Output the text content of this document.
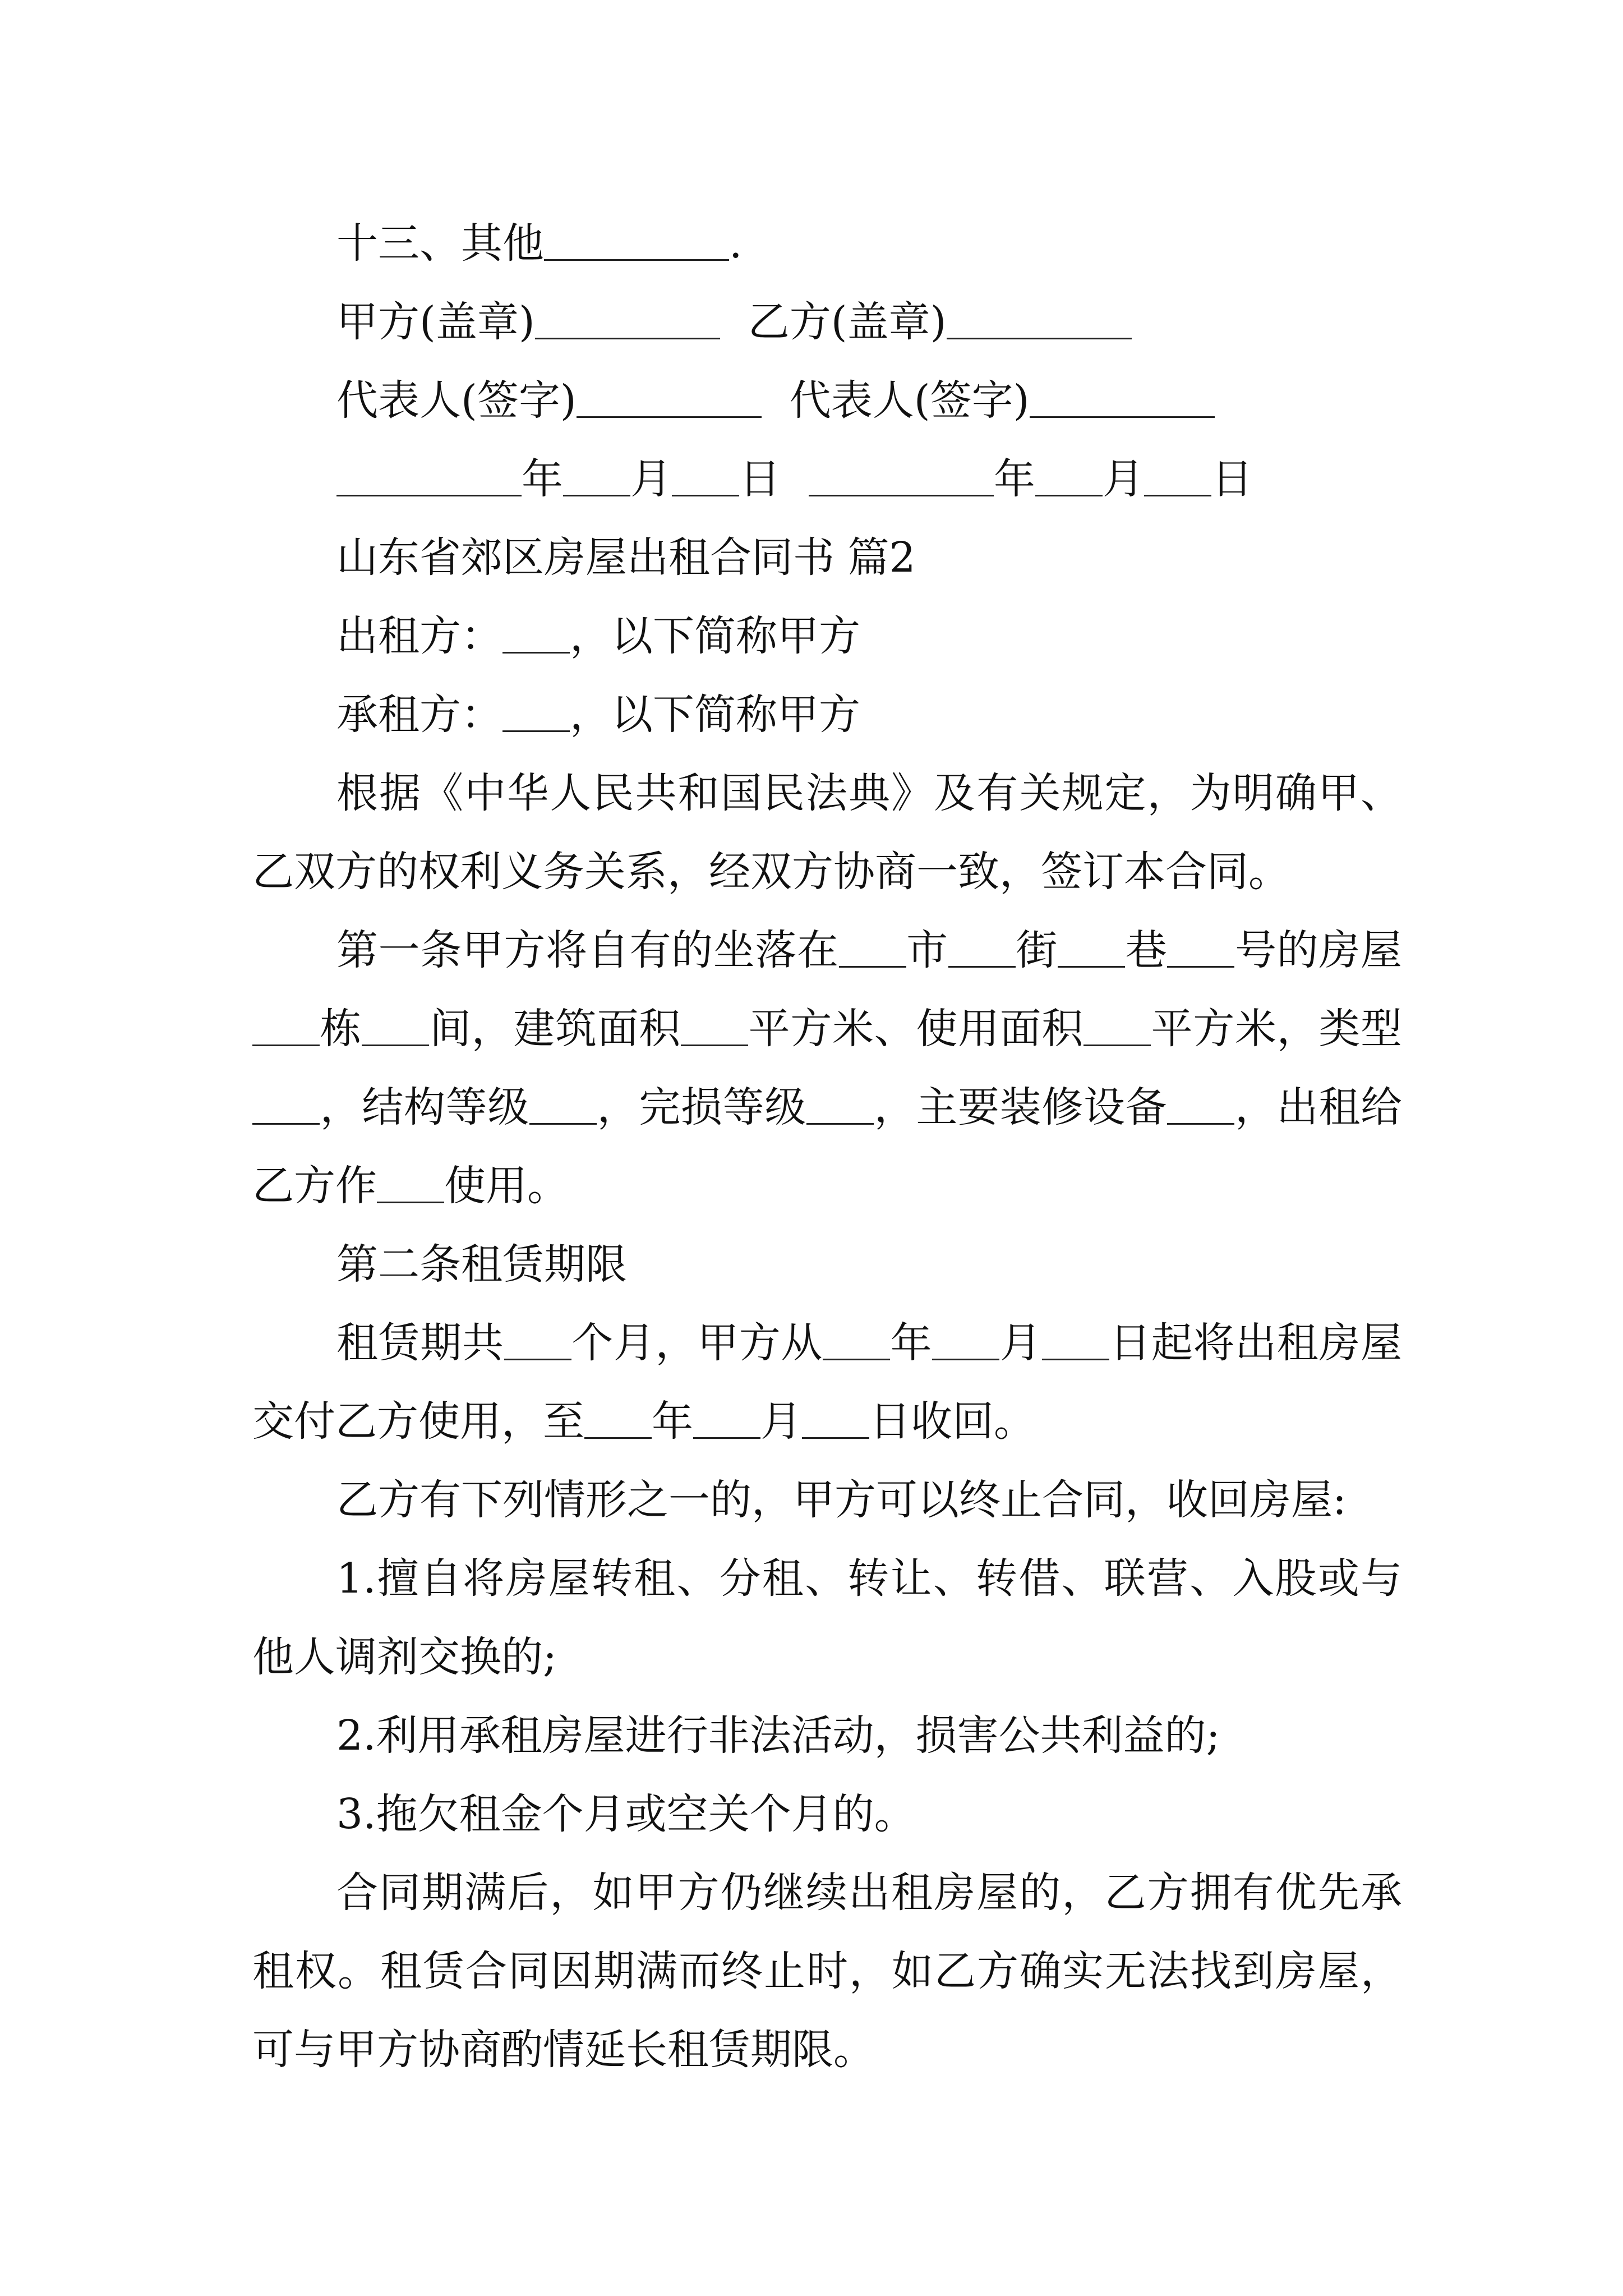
十三、其他	.
甲方(盖章)	乙方(盖章)
代表人(签字)	代表人(签字)
年 月 日	年 月 日
山东省郊区房屋出租合同书 篇2
出租方： ，以下简称甲方
承租方： ，以下简称甲方

根据《中华人民共和国民法典》及有关规定，为明确甲、乙双方的权利义务关系，经双方协商一致，签订本合同。

第一条甲方将自有的坐落在 市 街 巷 号的房屋栋 间，建筑面积 平方米、使用面积 平方米，类型，结构等级 ，完损等级 ，主要装修设备 ，出租给乙方作 使用。

第二条租赁期限

租赁期共 个月，甲方从 年 月 日起将出租房屋交付乙方使用，至 年 月 日收回。

乙方有下列情形之一的，甲方可以终止合同，收回房屋:

1.擅自将房屋转租、分租、转让、转借、联营、入股或与他人调剂交换的;

2.利用承租房屋进行非法活动，损害公共利益的;

3.拖欠租金个月或空关个月的。

合同期满后，如甲方仍继续出租房屋的，乙方拥有优先承租权。租赁合同因期满而终止时，如乙方确实无法找到房屋，可与甲方协商酌情延长租赁期限。
